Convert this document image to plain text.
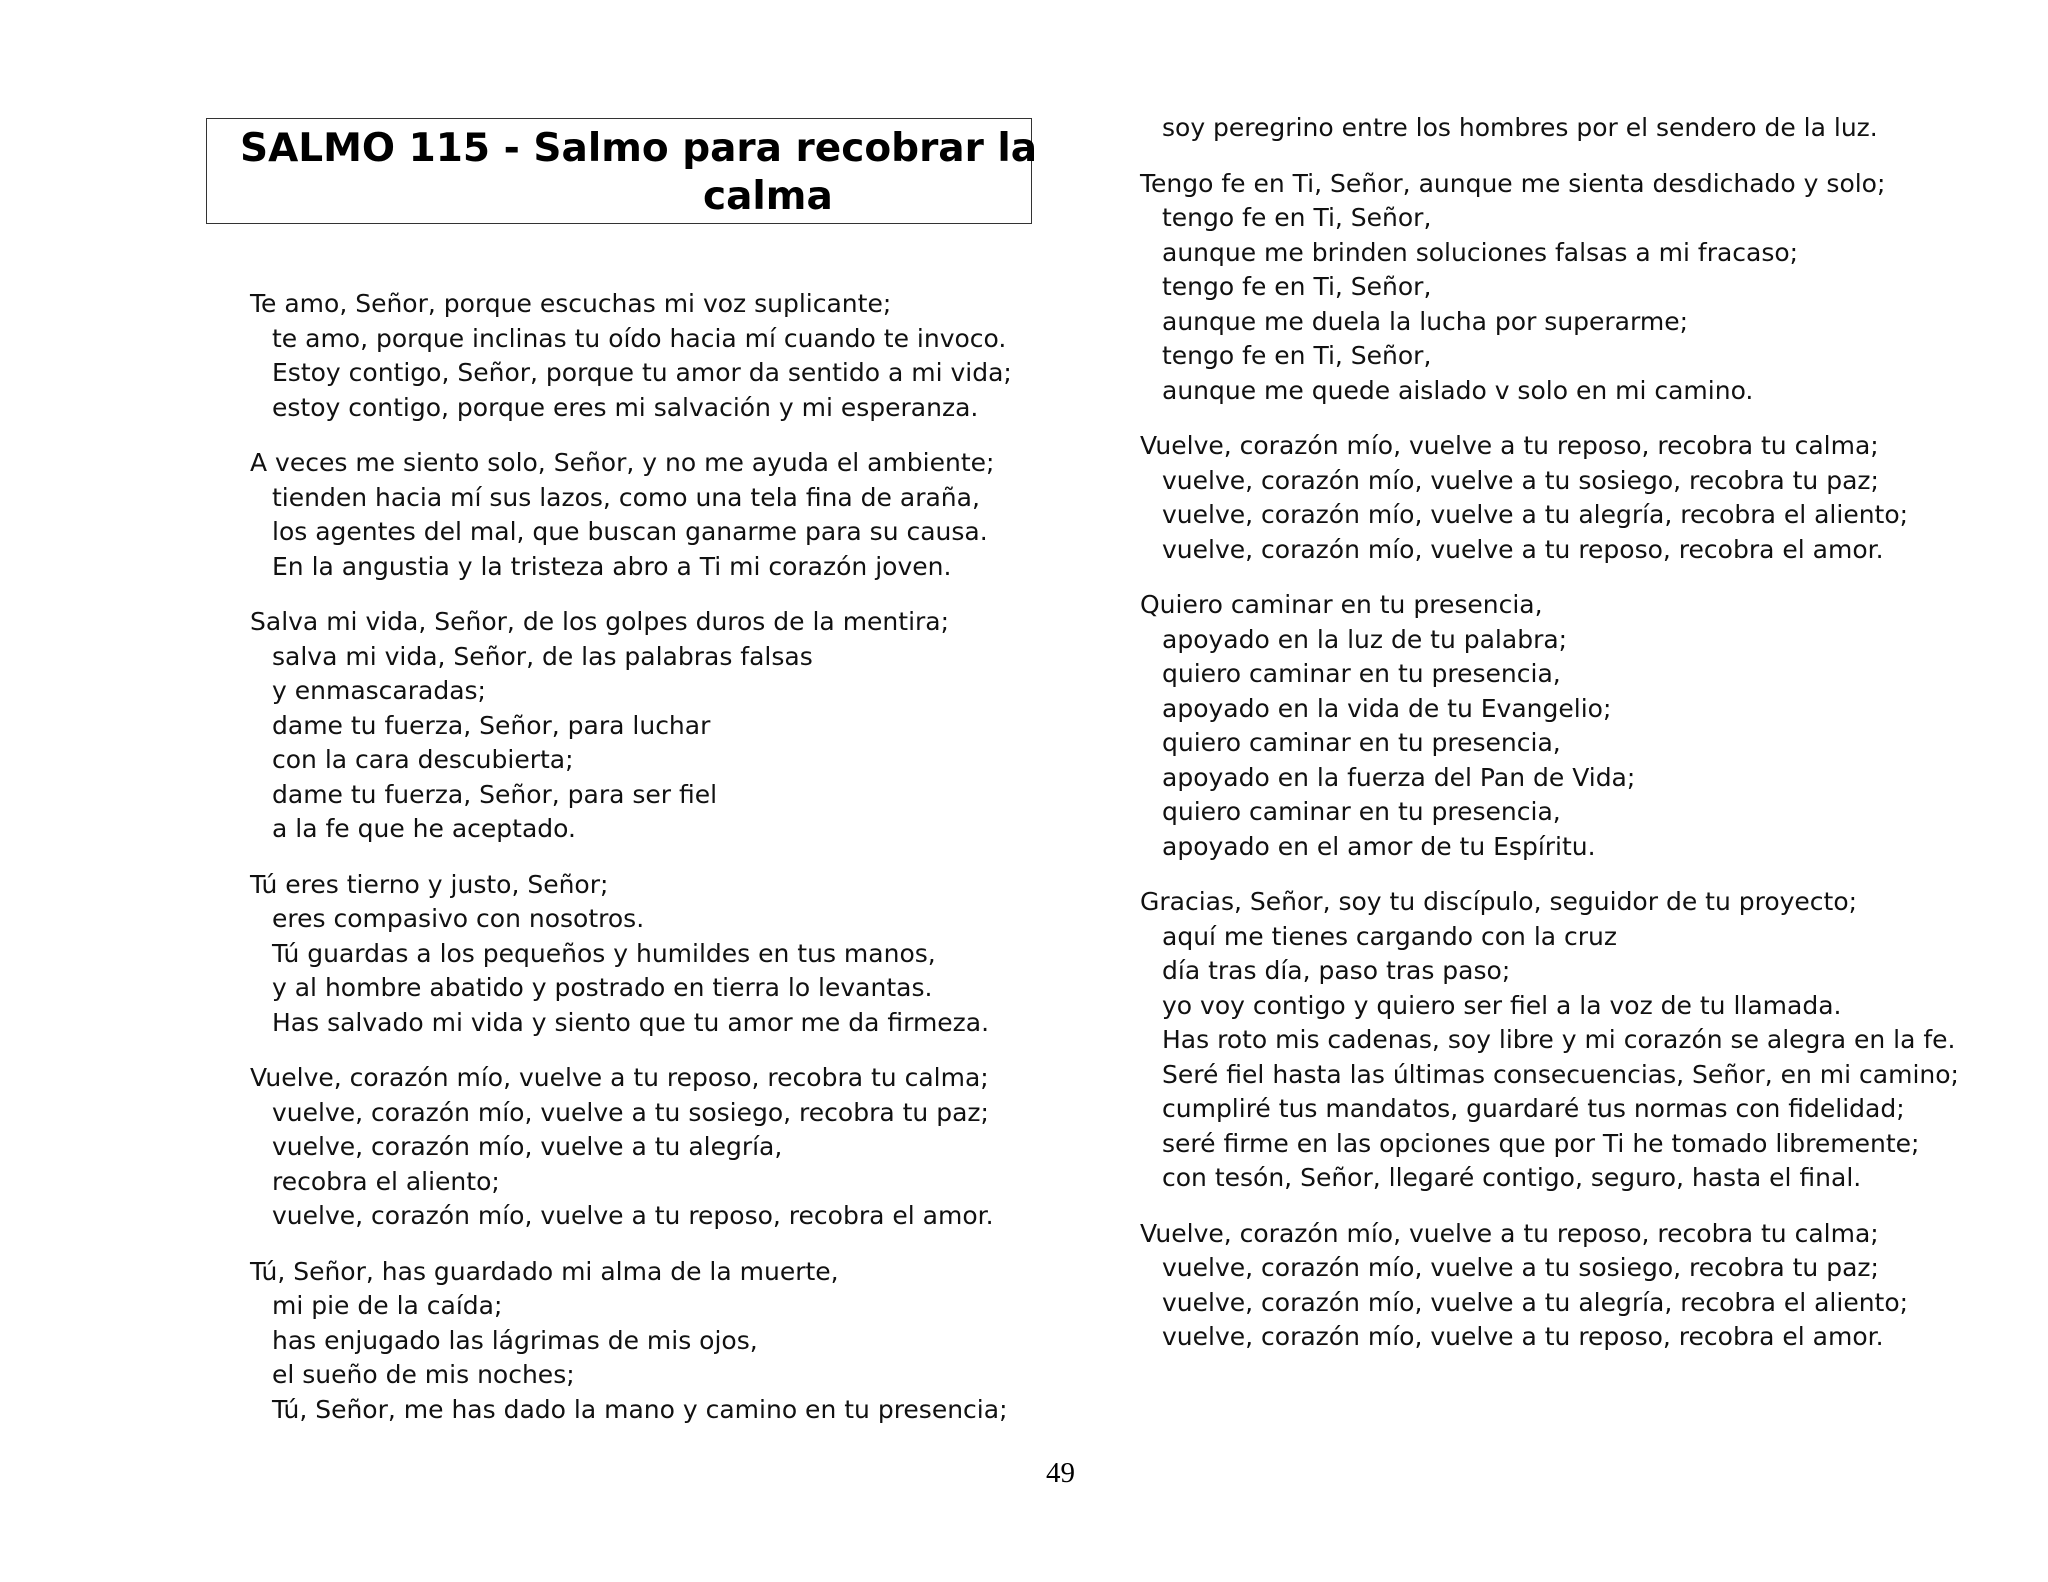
SALMO 115 - Salmo para recobrar la
calma
Te amo, Señor, porque escuchas mi voz suplicante;
te amo, porque inclinas tu oído hacia mí cuando te invoco.
Estoy contigo, Señor, porque tu amor da sentido a mi vida;
estoy contigo, porque eres mi salvación y mi esperanza.
A veces me siento solo, Señor, y no me ayuda el ambiente;
tienden hacia mí sus lazos, como una tela fina de araña,
los agentes del mal, que buscan ganarme para su causa.
En la angustia y la tristeza abro a Ti mi corazón joven.
Salva mi vida, Señor, de los golpes duros de la mentira;
salva mi vida, Señor, de las palabras falsas
y enmascaradas;
dame tu fuerza, Señor, para luchar
con la cara descubierta;
dame tu fuerza, Señor, para ser fiel
a la fe que he aceptado.
Tú eres tierno y justo, Señor;
eres compasivo con nosotros.
Tú guardas a los pequeños y humildes en tus manos,
y al hombre abatido y postrado en tierra lo levantas.
Has salvado mi vida y siento que tu amor me da firmeza.
Vuelve, corazón mío, vuelve a tu reposo, recobra tu calma;
vuelve, corazón mío, vuelve a tu sosiego, recobra tu paz;
vuelve, corazón mío, vuelve a tu alegría,
recobra el aliento;
vuelve, corazón mío, vuelve a tu reposo, recobra el amor.
Tú, Señor, has guardado mi alma de la muerte,
mi pie de la caída;
has enjugado las lágrimas de mis ojos,
el sueño de mis noches;
Tú, Señor, me has dado la mano y camino en tu presencia;
soy peregrino entre los hombres por el sendero de la luz.
Tengo fe en Ti, Señor, aunque me sienta desdichado y solo;
tengo fe en Ti, Señor,
aunque me brinden soluciones falsas a mi fracaso;
tengo fe en Ti, Señor,
aunque me duela la lucha por superarme;
tengo fe en Ti, Señor,
aunque me quede aislado v solo en mi camino.
Vuelve, corazón mío, vuelve a tu reposo, recobra tu calma;
vuelve, corazón mío, vuelve a tu sosiego, recobra tu paz;
vuelve, corazón mío, vuelve a tu alegría, recobra el aliento;
vuelve, corazón mío, vuelve a tu reposo, recobra el amor.
Quiero caminar en tu presencia,
apoyado en la luz de tu palabra;
quiero caminar en tu presencia,
apoyado en la vida de tu Evangelio;
quiero caminar en tu presencia,
apoyado en la fuerza del Pan de Vida;
quiero caminar en tu presencia,
apoyado en el amor de tu Espíritu.
Gracias, Señor, soy tu discípulo, seguidor de tu proyecto;
aquí me tienes cargando con la cruz
día tras día, paso tras paso;
yo voy contigo y quiero ser fiel a la voz de tu llamada.
Has roto mis cadenas, soy libre y mi corazón se alegra en la fe.
Seré fiel hasta las últimas consecuencias, Señor, en mi camino;
cumpliré tus mandatos, guardaré tus normas con fidelidad;
seré firme en las opciones que por Ti he tomado libremente;
con tesón, Señor, llegaré contigo, seguro, hasta el final.
Vuelve, corazón mío, vuelve a tu reposo, recobra tu calma;
vuelve, corazón mío, vuelve a tu sosiego, recobra tu paz;
vuelve, corazón mío, vuelve a tu alegría, recobra el aliento;
vuelve, corazón mío, vuelve a tu reposo, recobra el amor.
49
